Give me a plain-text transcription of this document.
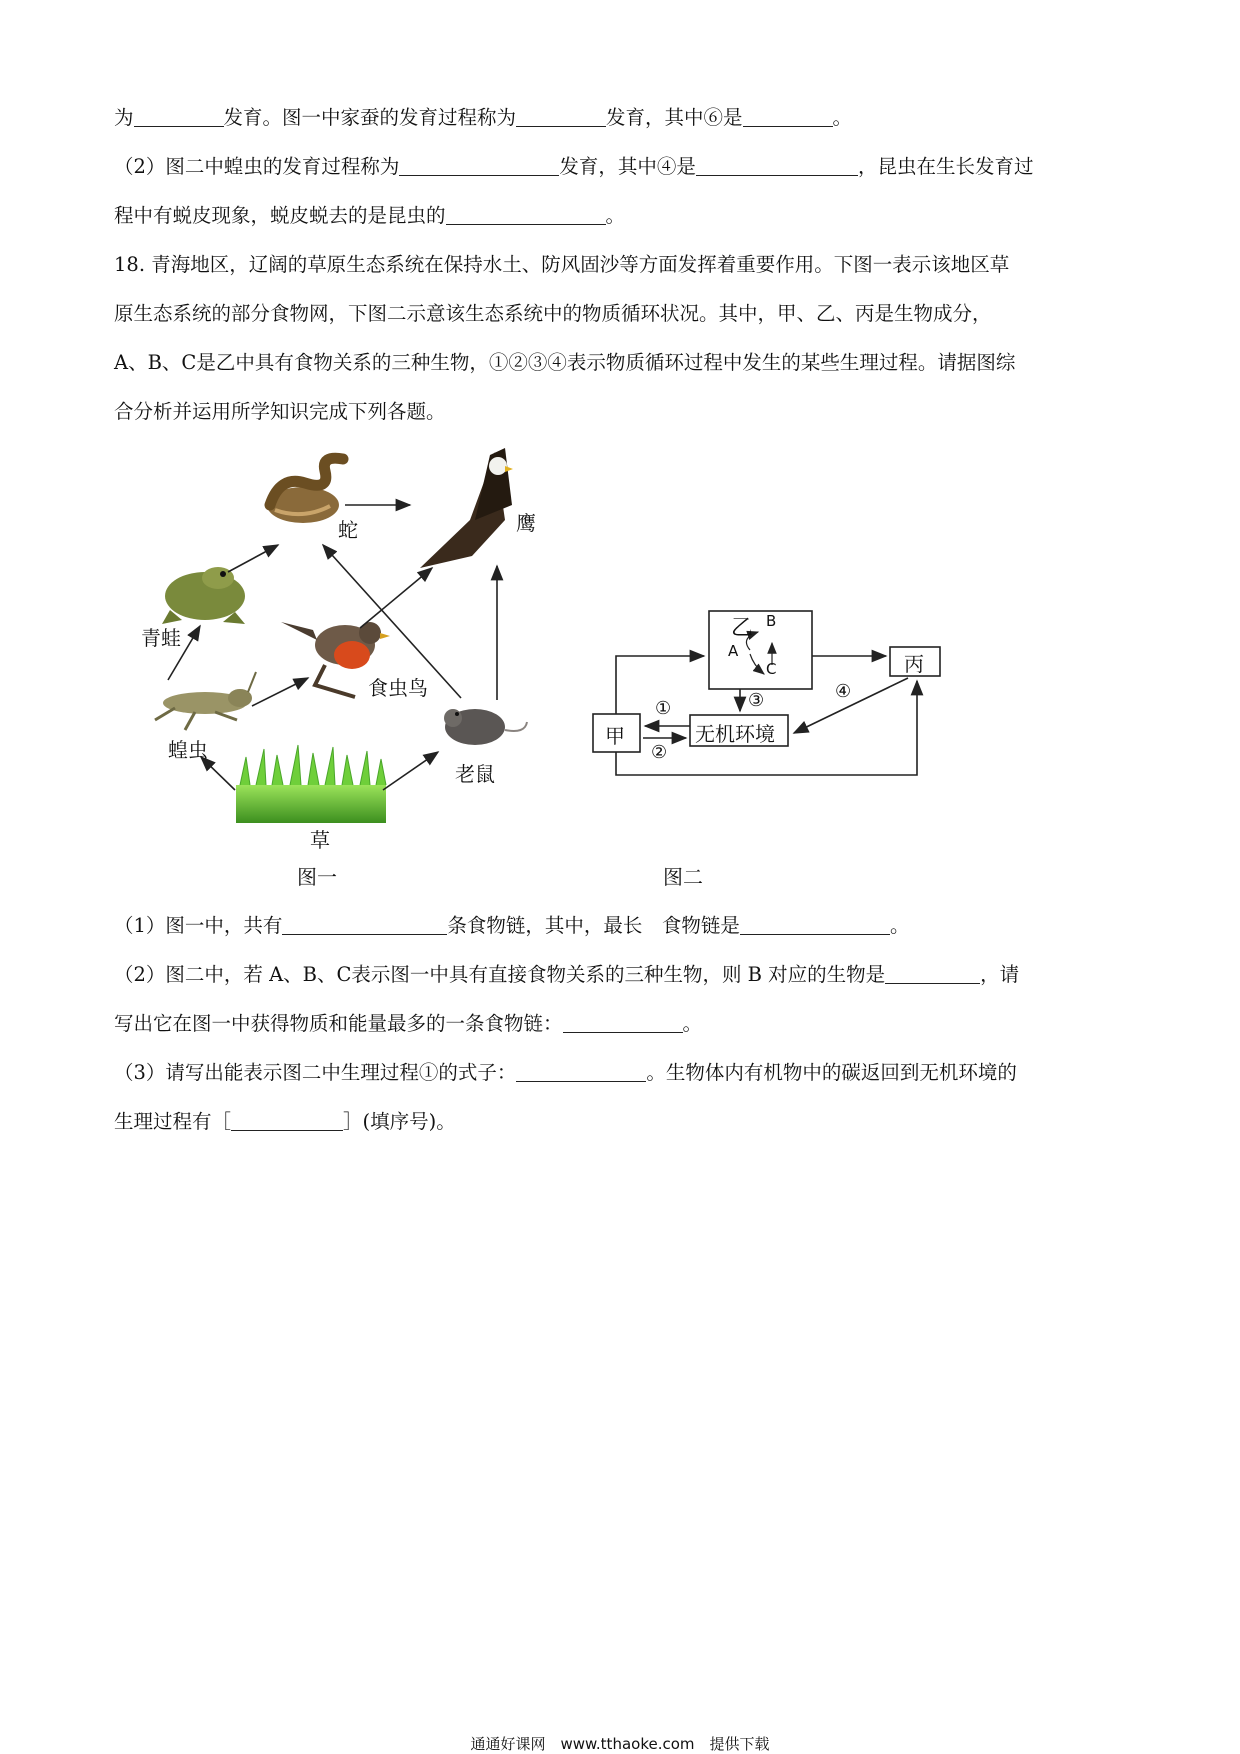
为	发育。图一中家蚕的发育过程称为	发育，其中⑥是	。
（2）图二中蝗虫的发育过程称为	发育，其中④是	，昆虫在生长发育过
程中有蜕皮现象，蜕皮蜕去的是昆虫的	。
18. 青海地区，辽阔的草原生态系统在保持水土、防风固沙等方面发挥着重要作用。下图一表示该地区草
原生态系统的部分食物网，下图二示意该生态系统中的物质循环状况。其中，甲、乙、丙是生物成分，
A、B、C是乙中具有食物关系的三种生物，①②③④表示物质循环过程中发生的某些生理过程。请据图综
合分析并运用所学知识完成下列各题。
蛇	鹰
青蛙
食虫鸟
蝗虫
老鼠
草
图一
乙 B
A
C	丙
甲	无机环境
①
②
③	④
图二
（1）图一中，共有	条食物链，其中，最长　食物链是	。
（2）图二中，若 A、B、C表示图一中具有直接食物关系的三种生物，则 B 对应的生物是	，请
写出它在图一中获得物质和能量最多的一条食物链：	。
（3）请写出能表示图二中生理过程①的式子：	。生物体内有机物中的碳返回到无机环境的
生理过程有［	］(填序号)。
通通好课网　www.tthaoke.com　提供下载
